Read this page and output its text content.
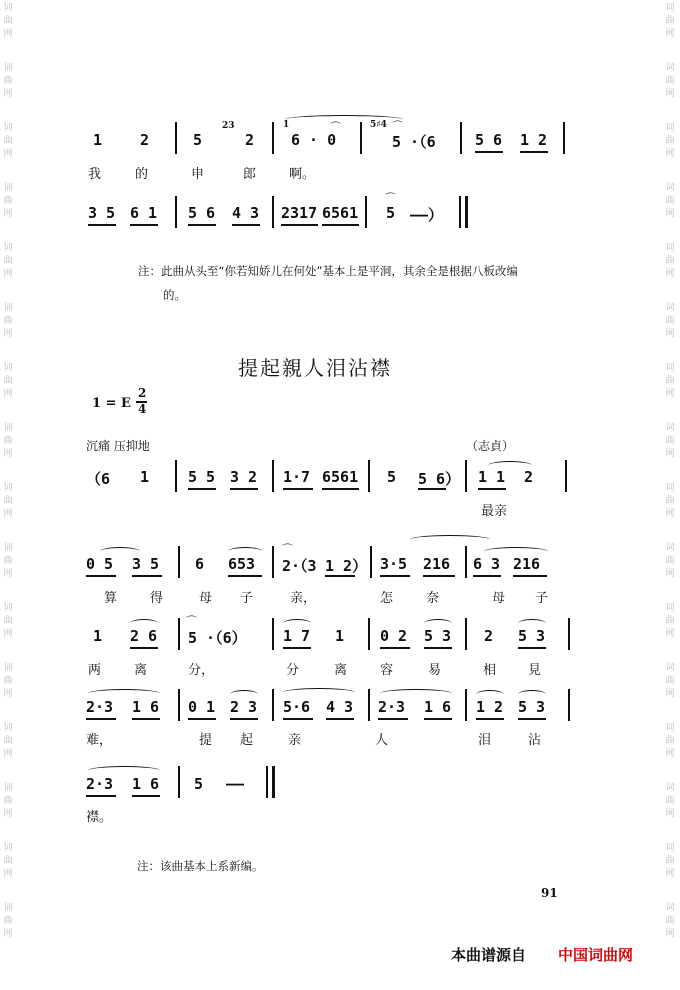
词
曲
网
词
曲
网
词
曲
网
词
曲
网
词
曲
网
词
曲
网
词
曲
网
词
曲
网
词
曲
网
词
曲
网
词
曲
网
词
曲
网
词
曲
网
词
曲
网
词
曲
网
词
曲
网
词
曲
网
词
曲
网
词
曲
网
词
曲
网
词
曲
网
词
曲
网
词
曲
网
词
曲
网
词
曲
网
词
曲
网
词
曲
网
词
曲
网
词
曲
网
词
曲
网
词
曲
网
词
曲
网
1	2	5
23
2
1
6 · 0
⌒	5♯4
5 ·（6
⌒
5 6 1 2
我	的	申	郎	啊。
3 5 6 1 5 6 4 3 2317 6561 5
⌒
——）
注：此曲从头至“你若知娇儿在何处”基本上是平洞，其余全是根据八板改编
的。
提起親人泪沾襟
1 = E
2
4
沉痛 压抑地	（志貞）
（6 1	5 5 3 2 1·7 6561 5 5 6） 1 1 2
最亲
0 5 3 5 6 653
⌒
2·（3 1 2） 3·5 216 6 3 216
算	得	母 子	亲，	怎	奈	母 子
1 2 6
⌒
5 ·（6） 1 7 1 0 2 5 3 2 5 3
两	离	分，	分	离	容	易	相 見
2·3 1 6 0 1 2 3 5·6 4 3 2·3 1 6 1 2 5 3
难，	提 起	亲	人	泪	沾
2·3 1 6 5 ——
襟。
注：该曲基本上系新编。
91
本曲谱源自 中国词曲网
